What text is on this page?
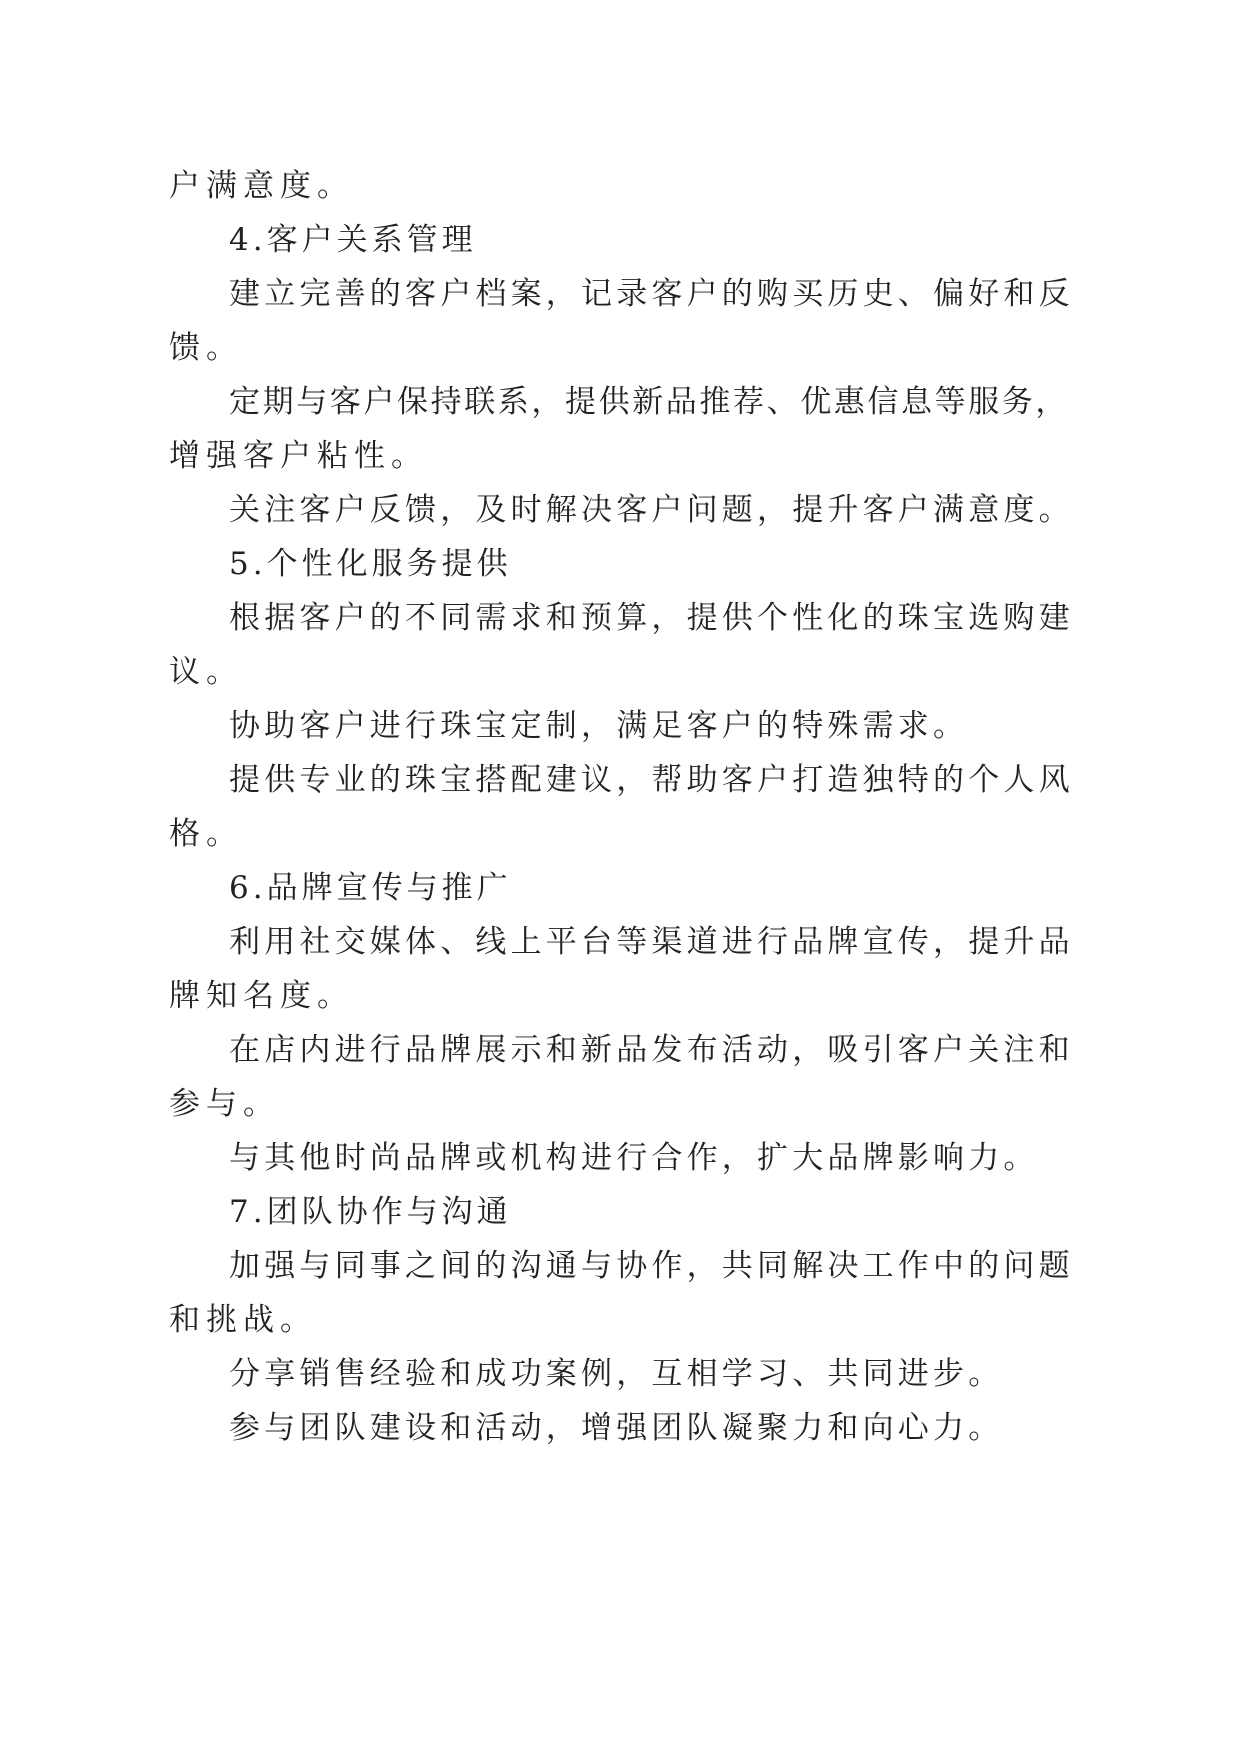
户满意度。
4.客户关系管理
建立完善的客户档案，记录客户的购买历史、偏好和反
馈。
定期与客户保持联系，提供新品推荐、优惠信息等服务，
增强客户粘性。
关注客户反馈，及时解决客户问题，提升客户满意度。
5.个性化服务提供
根据客户的不同需求和预算，提供个性化的珠宝选购建
议。
协助客户进行珠宝定制，满足客户的特殊需求。
提供专业的珠宝搭配建议，帮助客户打造独特的个人风
格。
6.品牌宣传与推广
利用社交媒体、线上平台等渠道进行品牌宣传，提升品
牌知名度。
在店内进行品牌展示和新品发布活动，吸引客户关注和
参与。
与其他时尚品牌或机构进行合作，扩大品牌影响力。
7.团队协作与沟通
加强与同事之间的沟通与协作，共同解决工作中的问题
和挑战。
分享销售经验和成功案例，互相学习、共同进步。
参与团队建设和活动，增强团队凝聚力和向心力。
